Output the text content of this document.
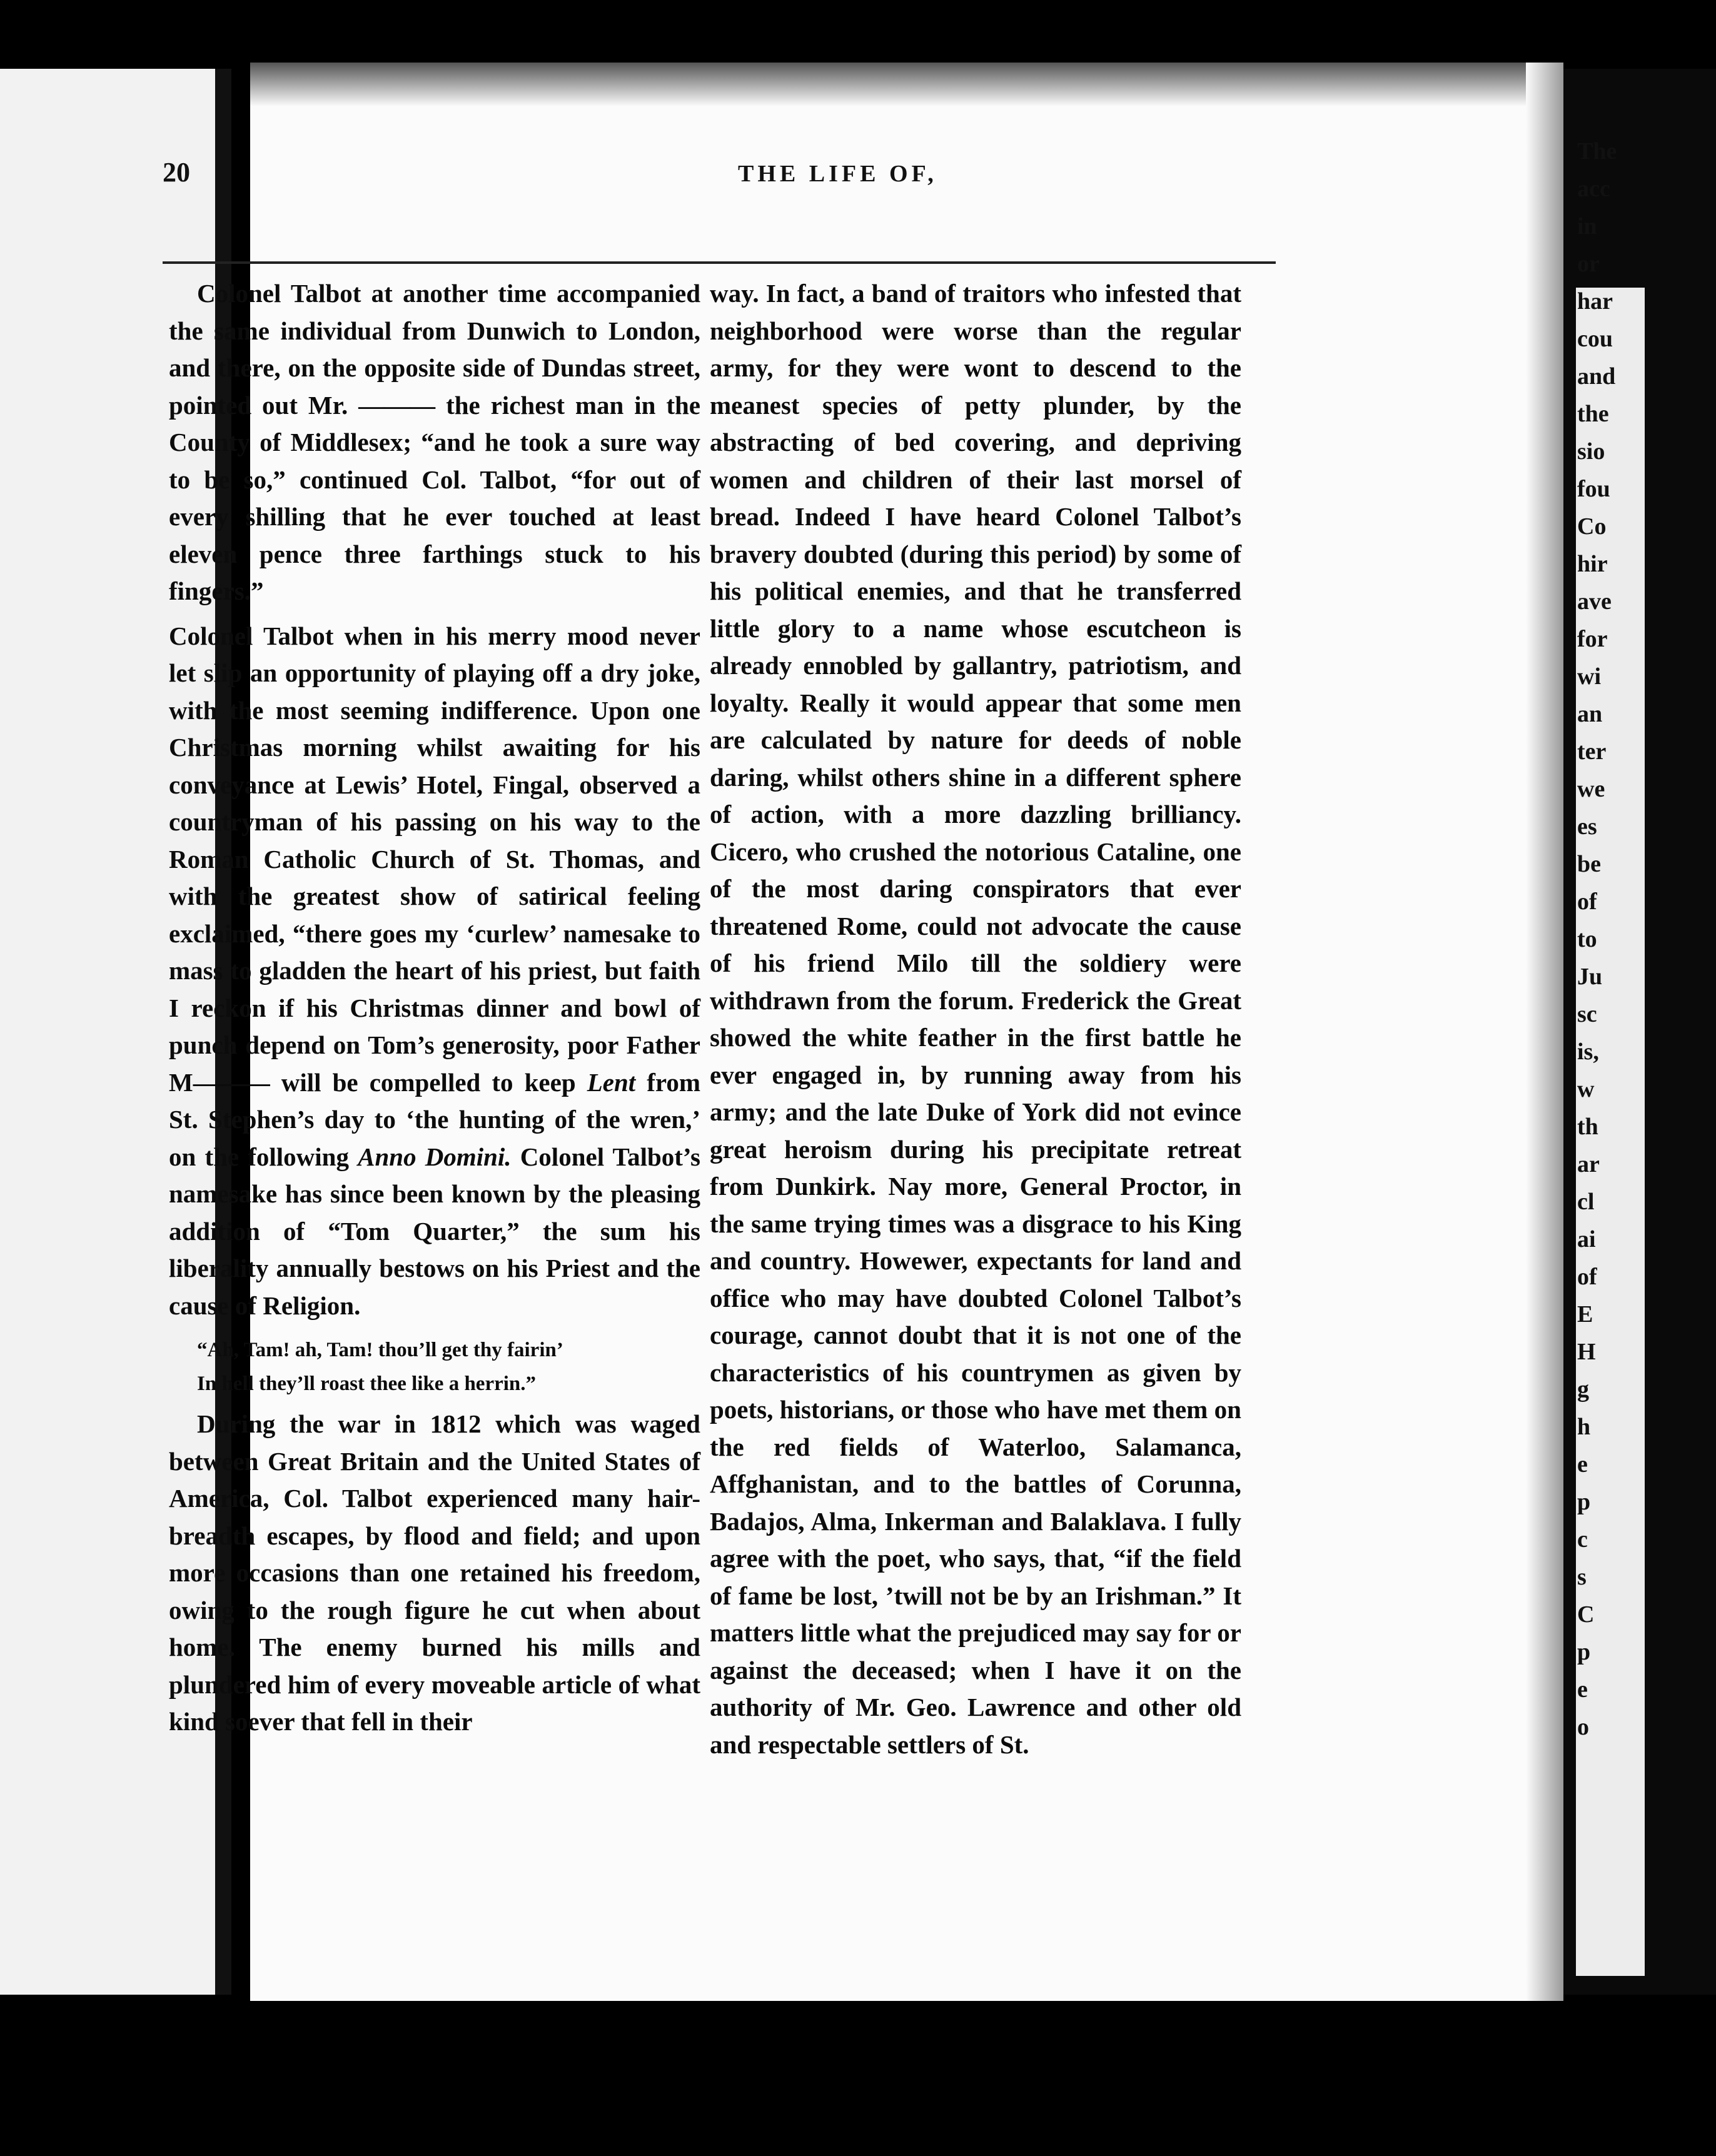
20	THE LIFE OF,

Colonel Talbot at another time accompanied the same individual from Dunwich to London, and there, on the opposite side of Dundas street, pointed out Mr. ——— the richest man in the County of Middlesex; “and he took a sure way to be so,” continued Col. Talbot, “for out of every shilling that he ever touched at least eleven pence three farthings stuck to his fingers.”

Colonel Talbot when in his merry mood never let slip an opportunity of playing off a dry joke, with the most seeming indifference. Upon one Christmas morning whilst awaiting for his conveyance at Lewis’ Hotel, Fingal, observed a countryman of his passing on his way to the Roman Catholic Church of St. Thomas, and with the greatest show of satirical feeling exclaimed, “there goes my ‘curlew’ namesake to mass to gladden the heart of his priest, but faith I reckon if his Christmas dinner and bowl of punch depend on Tom’s generosity, poor Father M——— will be compelled to keep Lent from St. Stephen’s day to ‘the hunting of the wren,’ on the following Anno Domini. Colonel Talbot’s namesake has since been known by the pleasing addition of “Tom Quarter,” the sum his liberality annually bestows on his Priest and the cause of Religion.

“Ah, Tam! ah, Tam! thou’ll get thy fairin’
In hell they’ll roast thee like a herrin.”

During the war in 1812 which was waged between Great Britain and the United States of America, Col. Talbot experienced many hair-breadth escapes, by flood and field; and upon more occasions than one retained his freedom, owing to the rough figure he cut when about home. The enemy burned his mills and plundered him of every moveable article of what kind soever that fell in their

way. In fact, a band of traitors who infested that neighborhood were worse than the regular army, for they were wont to descend to the meanest species of petty plunder, by the abstracting of bed covering, and depriving women and children of their last morsel of bread. Indeed I have heard Colonel Talbot’s bravery doubted (during this period) by some of his political enemies, and that he transferred little glory to a name whose escutcheon is already ennobled by gallantry, patriotism, and loyalty. Really it would appear that some men are calculated by nature for deeds of noble daring, whilst others shine in a different sphere of action, with a more dazzling brilliancy. Cicero, who crushed the notorious Cataline, one of the most daring conspirators that ever threatened Rome, could not advocate the cause of his friend Milo till the soldiery were withdrawn from the forum. Frederick the Great showed the white feather in the first battle he ever engaged in, by running away from his army; and the late Duke of York did not evince great heroism during his precipitate retreat from Dunkirk. Nay more, General Proctor, in the same trying times was a disgrace to his King and country. Howewer, expectants for land and office who may have doubted Colonel Talbot’s courage, cannot doubt that it is not one of the characteristics of his countrymen as given by poets, historians, or those who have met them on the red fields of Waterloo, Salamanca, Affghanistan, and to the battles of Corunna, Badajos, Alma, Inkerman and Balaklava. I fully agree with the poet, who says, that, “if the field of fame be lost, ’twill not be by an Irishman.” It matters little what the prejudiced may say for or against the deceased; when I have it on the authority of Mr. Geo. Lawrence and other old and respectable settlers of St.

The
acc
in
or
har
cou
and
the
sio
fou
Co
hir
ave
for
wi
an
ter
we
es
be
of
to
Ju
sc
is,
w
th
ar
cl
ai
of
E
H
g
h
e
p
c
s
C
p
e
o
